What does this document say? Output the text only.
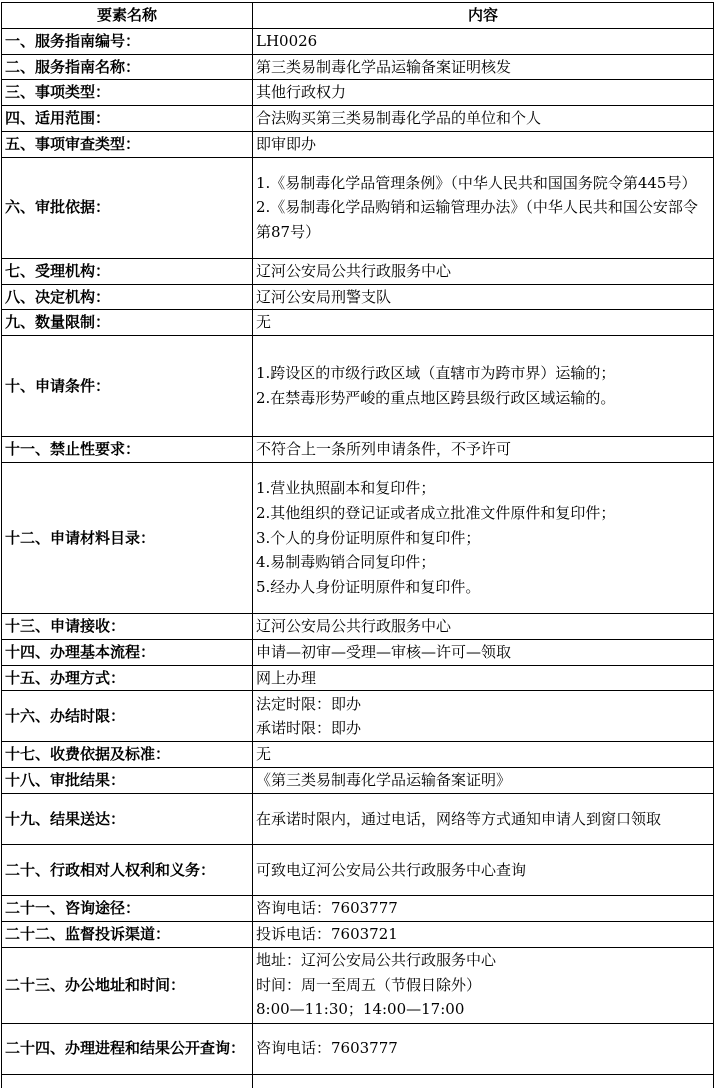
要素名称	内容
一、服务指南编号：	LH0026
二、服务指南名称：	第三类易制毒化学品运输备案证明核发
三、事项类型：	其他行政权力
四、适用范围：	合法购买第三类易制毒化学品的单位和个人
五、事项审查类型：	即审即办
六、审批依据：	1.《易制毒化学品管理条例》（中华人民共和国国务院令第445号）
2.《易制毒化学品购销和运输管理办法》（中华人民共和国公安部令第87号）
七、受理机构：	辽河公安局公共行政服务中心
八、决定机构：	辽河公安局刑警支队
九、数量限制：	无
十、申请条件：	1.跨设区的市级行政区域（直辖市为跨市界）运输的；
2.在禁毒形势严峻的重点地区跨县级行政区域运输的。
十一、禁止性要求：	不符合上一条所列申请条件，不予许可
十二、申请材料目录：	1.营业执照副本和复印件；
2.其他组织的登记证或者成立批准文件原件和复印件；
3.个人的身份证明原件和复印件；
4.易制毒购销合同复印件；
5.经办人身份证明原件和复印件。
十三、申请接收：	辽河公安局公共行政服务中心
十四、办理基本流程：	申请—初审—受理—审核—许可—领取
十五、办理方式：	网上办理
十六、办结时限：	法定时限：即办
承诺时限：即办
十七、收费依据及标准：	无
十八、审批结果：	《第三类易制毒化学品运输备案证明》
十九、结果送达：	在承诺时限内，通过电话，网络等方式通知申请人到窗口领取
二十、行政相对人权利和义务：	可致电辽河公安局公共行政服务中心查询
二十一、咨询途径：	咨询电话：7603777
二十二、监督投诉渠道：	投诉电话：7603721
二十三、办公地址和时间：	地址：辽河公安局公共行政服务中心
时间：周一至周五（节假日除外）
8:00—11:30；14:00—17:00
二十四、办理进程和结果公开查询：	咨询电话：7603777
